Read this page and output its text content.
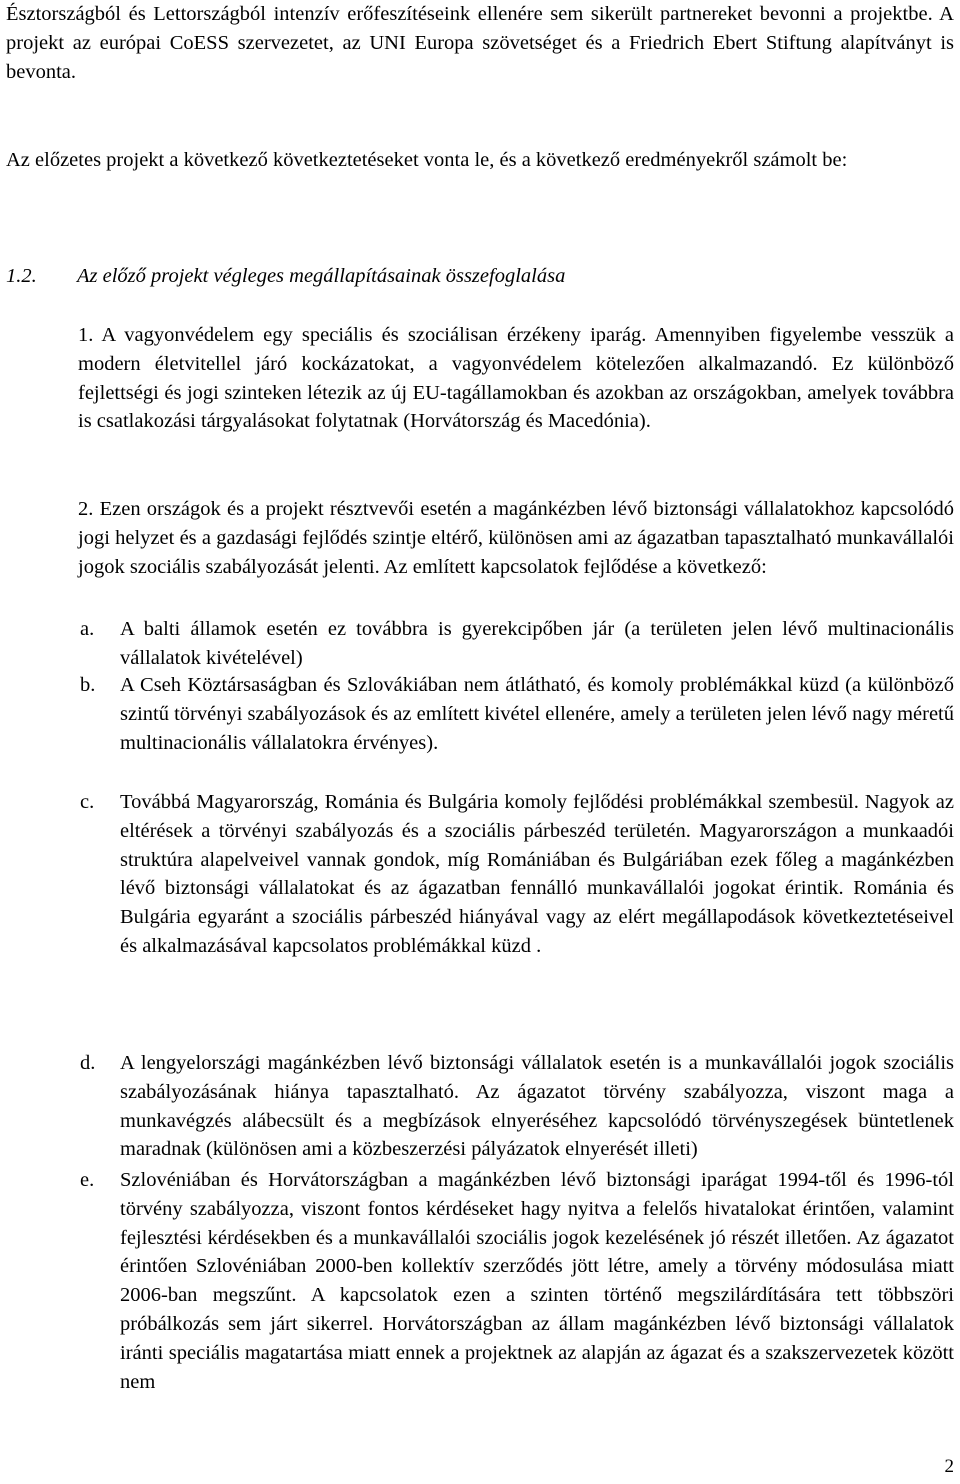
Észtországból és Lettországból intenzív erőfeszítéseink ellenére sem sikerült partnereket bevonni a projektbe. A projekt az európai CoESS szervezetet, az UNI Europa szövetséget és a Friedrich Ebert Stiftung alapítványt is bevonta.

Az előzetes projekt a következő következtetéseket vonta le, és a következő eredményekről számolt be:

1.2. Az előző projekt végleges megállapításainak összefoglalása

1. A vagyonvédelem egy speciális és szociálisan érzékeny iparág. Amennyiben figyelembe vesszük a modern életvitellel járó kockázatokat, a vagyonvédelem kötelezően alkalmazandó. Ez különböző fejlettségi és jogi szinteken létezik az új EU-tagállamokban és azokban az országokban, amelyek továbbra is csatlakozási tárgyalásokat folytatnak (Horvátország és Macedónia).

2. Ezen országok és a projekt résztvevői esetén a magánkézben lévő biztonsági vállalatokhoz kapcsolódó jogi helyzet és a gazdasági fejlődés szintje eltérő, különösen ami az ágazatban tapasztalható munkavállalói jogok szociális szabályozását jelenti. Az említett kapcsolatok fejlődése a következő:

a. A balti államok esetén ez továbbra is gyerekcipőben jár (a területen jelen lévő multinacionális vállalatok kivételével)

b. A Cseh Köztársaságban és Szlovákiában nem átlátható, és komoly problémákkal küzd (a különböző szintű törvényi szabályozások és az említett kivétel ellenére, amely a területen jelen lévő nagy méretű multinacionális vállalatokra érvényes).

c. Továbbá Magyarország, Románia és Bulgária komoly fejlődési problémákkal szembesül. Nagyok az eltérések a törvényi szabályozás és a szociális párbeszéd területén. Magyarországon a munkaadói struktúra alapelveivel vannak gondok, míg Romániában és Bulgáriában ezek főleg a magánkézben lévő biztonsági vállalatokat és az ágazatban fennálló munkavállalói jogokat érintik. Románia és Bulgária egyaránt a szociális párbeszéd hiányával vagy az elért megállapodások következtetéseivel és alkalmazásával kapcsolatos problémákkal küzd .

d. A lengyelországi magánkézben lévő biztonsági vállalatok esetén is a munkavállalói jogok szociális szabályozásának hiánya tapasztalható. Az ágazatot törvény szabályozza, viszont maga a munkavégzés alábecsült és a megbízások elnyeréséhez kapcsolódó törvényszegések büntetlenek maradnak (különösen ami a közbeszerzési pályázatok elnyerését illeti)

e. Szlovéniában és Horvátországban a magánkézben lévő biztonsági iparágat 1994-től és 1996-tól törvény szabályozza, viszont fontos kérdéseket hagy nyitva a felelős hivatalokat érintően, valamint fejlesztési kérdésekben és a munkavállalói szociális jogok kezelésének jó részét illetően. Az ágazatot érintően Szlovéniában 2000-ben kollektív szerződés jött létre, amely a törvény módosulása miatt 2006-ban megszűnt. A kapcsolatok ezen a szinten történő megszilárdítására tett többszöri próbálkozás sem járt sikerrel. Horvátországban az állam magánkézben lévő biztonsági vállalatok iránti speciális magatartása miatt ennek a projektnek az alapján az ágazat és a szakszervezetek között nem

2
